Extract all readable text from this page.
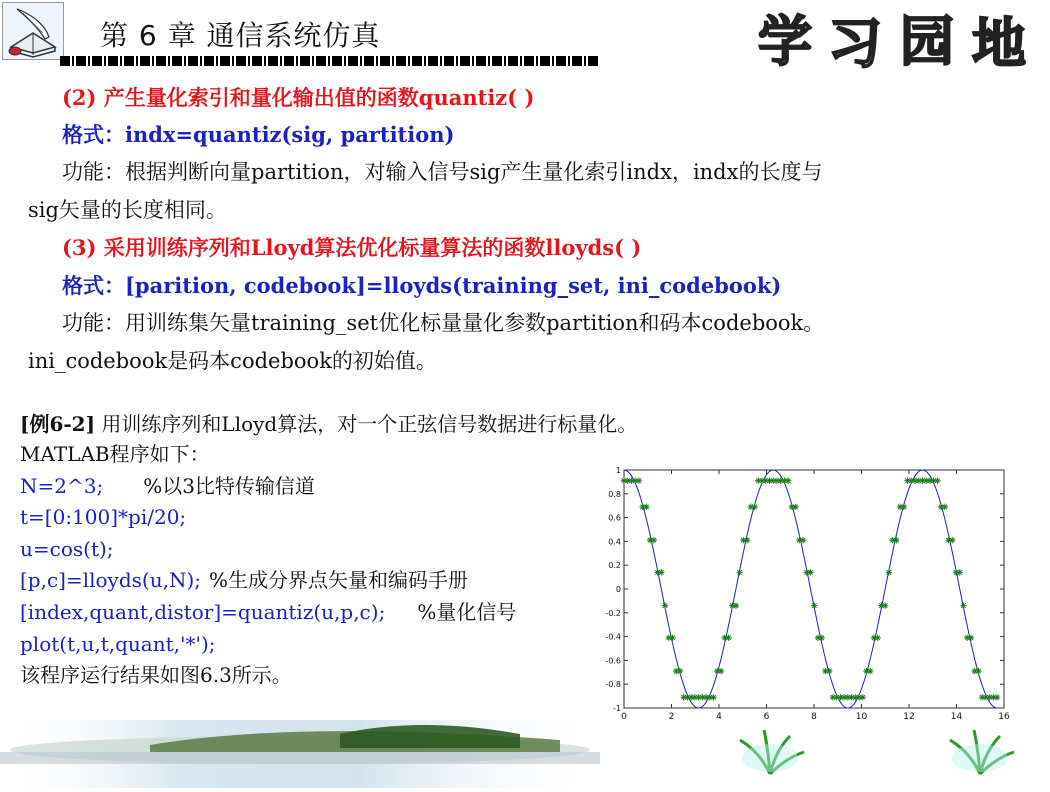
第 6 章 通信系统仿真	学 习 园 地
(2) 产生量化索引和量化输出值的函数quantiz( )
格式：indx=quantiz(sig, partition)
功能：根据判断向量partition，对输入信号sig产生量化索引indx，indx的长度与
sig矢量的长度相同。
(3) 采用训练序列和Lloyd算法优化标量算法的函数lloyds( )
格式：[parition, codebook]=lloyds(training_set, ini_codebook)
功能：用训练集矢量training_set优化标量量化参数partition和码本codebook。
ini_codebook是码本codebook的初始值。
[例6-2] 用训练序列和Lloyd算法，对一个正弦信号数据进行标量化。
MATLAB程序如下：
N=2^3; %以3比特传输信道
t=[0:100]*pi/20;
u=cos(t);
[p,c]=lloyds(u,N); %生成分界点矢量和编码手册
[index,quant,distor]=quantiz(u,p,c); %量化信号
plot(t,u,t,quant,'*');
该程序运行结果如图6.3所示。
0	2	4	6	8	10	12	14	16
1
0.8
0.6
0.4
0.2
0
-0.2
-0.4
-0.6
-0.8
-1
